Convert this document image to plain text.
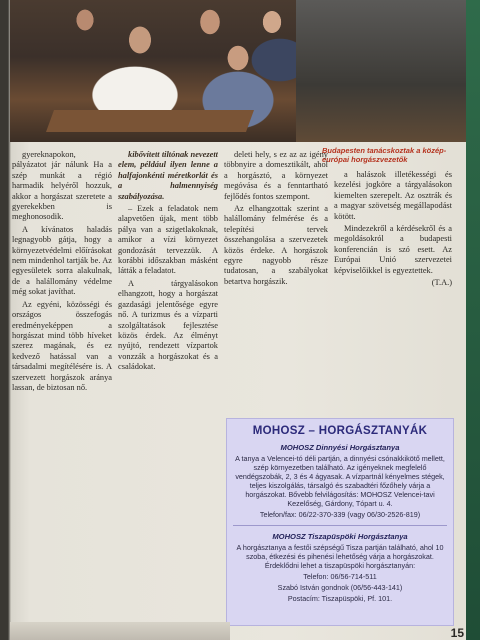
Budapesten tanácskoztak a közép-európai horgászvezetők

gyereknapokon, pályázatot jár nálunk Ha a szép munkát a régió harmadik helyéről hozzuk, akkor a horgászat szeretete a gyerekekben is meghonosodik.

A kívánatos haladás legnagyobb gátja, hogy a környezetvédelmi előírásokat nem mindenhol tartják be. Az egyesületek sorra alakulnak, de a halállomány védelme még sokat javíthat.

Az egyéni, közösségi és országos összefogás eredményeképpen a horgászat mind több híveket szerez magának, és ez kedvező hatással van a társadalmi megítélésére is. A szervezett horgászok aránya lassan, de biztosan nő.

kibővített tiltónak nevezett elem, például ilyen lenne a halfajonkénti méretkorlát és a halmennyiség szabályozása.

– Ezek a feladatok nem alapvetően újak, ment több pálya van a szigetlakoknak, amikor a vízi környezet gondozását tervezzük. A korábbi időszakban másként látták a feladatot.

A tárgyalásokon elhangzott, hogy a horgászat gazdasági jelentősége egyre nő. A turizmus és a vízparti szolgáltatások fejlesztése közös érdek. Az élményt nyújtó, rendezett vízpartok vonzzák a horgászokat és a családokat.

deleti hely, s ez az az igény többnyire a domesztikált, ahol a horgásztó, a környezet megóvása és a fenntartható fejlődés fontos szempont.

Az elhangzottak szerint a halállomány felmérése és a telepítési tervek összehangolása a szervezetek közös érdeke. A horgászok egyre nagyobb része tudatosan, a szabályokat betartva horgászik.

a halászok illetékességi és kezelési jogköre a tárgyalásokon kiemelten szerepelt. Az osztrák és a magyar szövetség megállapodást kötött.

Mindezekről a kérdésekről és a megoldásokról a budapesti konferencián is szó esett. Az Európai Unió szervezetei képviselőikkel is egyeztettek.

(T.A.)

MOHOSZ – HORGÁSZTANYÁK
MOHOSZ Dinnyési Horgásztanya
A tanya a Velencei-tó déli partján, a dinnyési csónakkikötő mellett, szép környezetben található. Az igényeknek megfelelő vendégszobák, 2, 3 és 4 ágyasak. A vízpartnál kényelmes stégek, teljes kiszolgálás, társalgó és szabadtéri főzőhely várja a horgászokat. Bővebb felvilágosítás: MOHOSZ Velencei-tavi Kezelőség, Gárdony, Tópart u. 4.
Telefon/fax: 06/22-370-339 (vagy 06/30-2526-819)
MOHOSZ Tiszapüspöki Horgásztanya
A horgásztanya a festői szépségű Tisza partján található, ahol 10 szoba, étkezési és pihenési lehetőség várja a horgászokat. Érdeklődni lehet a tiszapüspöki horgásztanyán:
Telefon: 06/56-714-511
Szabó István gondnok (06/56-443-141)
Postacím: Tiszapüspöki, Pf. 101.
15
